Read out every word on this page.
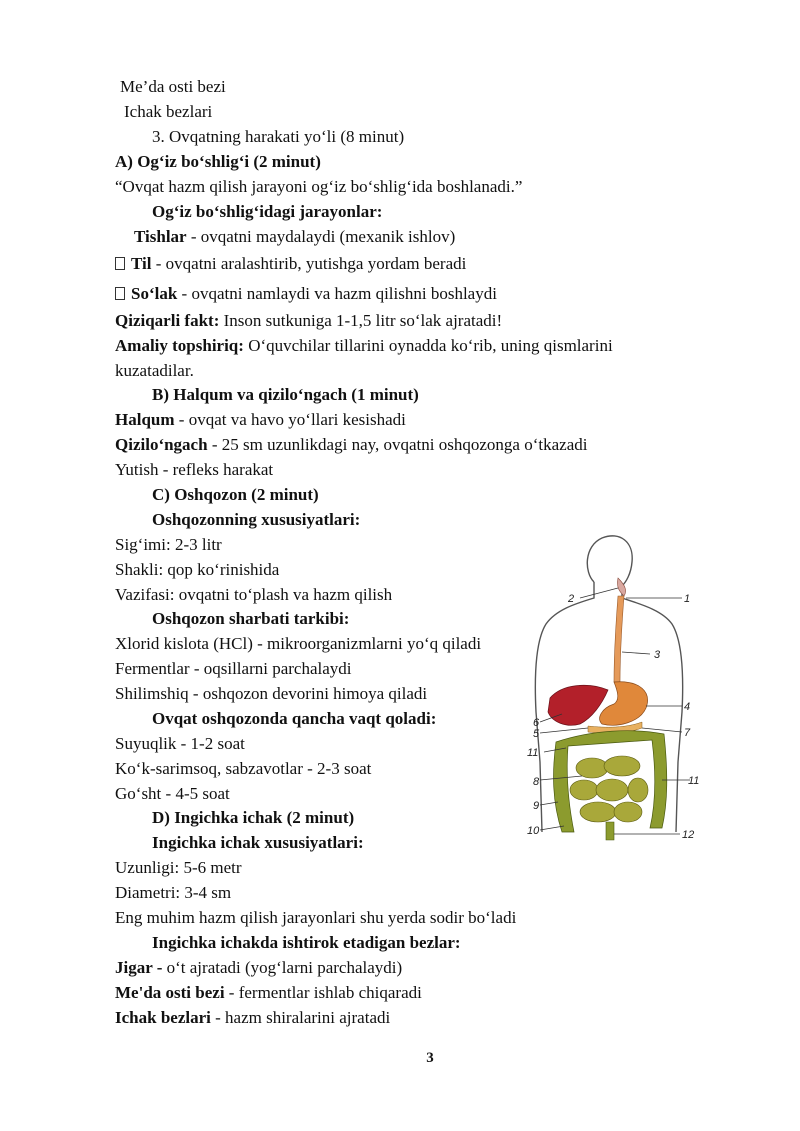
Me’da osti bezi
Ichak bezlari
3. Ovqatning harakati yo‘li (8 minut)
A) Og‘iz bo‘shlig‘i (2 minut)
“Ovqat hazm qilish jarayoni og‘iz bo‘shlig‘ida boshlanadi.”
Og‘iz bo‘shlig‘idagi jarayonlar:
Tishlar - ovqatni maydalaydi (mexanik ishlov)
Til - ovqatni aralashtirib, yutishga yordam beradi
So‘lak - ovqatni namlaydi va hazm qilishni boshlaydi
Qiziqarli fakt: Inson sutkuniga 1-1,5 litr so‘lak ajratadi!
Amaliy topshiriq: O‘quvchilar tillarini oynadda ko‘rib, uning qismlarini
kuzatadilar.
B) Halqum va qizilo‘ngach (1 minut)
Halqum - ovqat va havo yo‘llari kesishadi
Qizilo‘ngach - 25 sm uzunlikdagi nay, ovqatni oshqozonga o‘tkazadi
Yutish - refleks harakat
C) Oshqozon (2 minut)
Oshqozonning xususiyatlari:
Sig‘imi: 2-3 litr
Shakli: qop ko‘rinishida
Vazifasi: ovqatni to‘plash va hazm qilish
Oshqozon sharbati tarkibi:
Xlorid kislota (HCl) - mikroorganizmlarni yo‘q qiladi
Fermentlar - oqsillarni parchalaydi
Shilimshiq - oshqozon devorini himoya qiladi
Ovqat oshqozonda qancha vaqt qoladi:
Suyuqlik - 1-2 soat
Ko‘k-sarimsoq, sabzavotlar - 2-3 soat
Go‘sht - 4-5 soat
D) Ingichka ichak (2 minut)
Ingichka ichak xususiyatlari:
Uzunligi: 5-6 metr
Diametri: 3-4 sm
Eng muhim hazm qilish jarayonlari shu yerda sodir bo‘ladi
Ingichka ichakda ishtirok etadigan bezlar:
Jigar - o‘t ajratadi (yog‘larni parchalaydi)
Me'da osti bezi - fermentlar ishlab chiqaradi
Ichak bezlari - hazm shiralarini ajratadi
3
1
2
3
4
5
6
7
8
9
10
11
11
12
